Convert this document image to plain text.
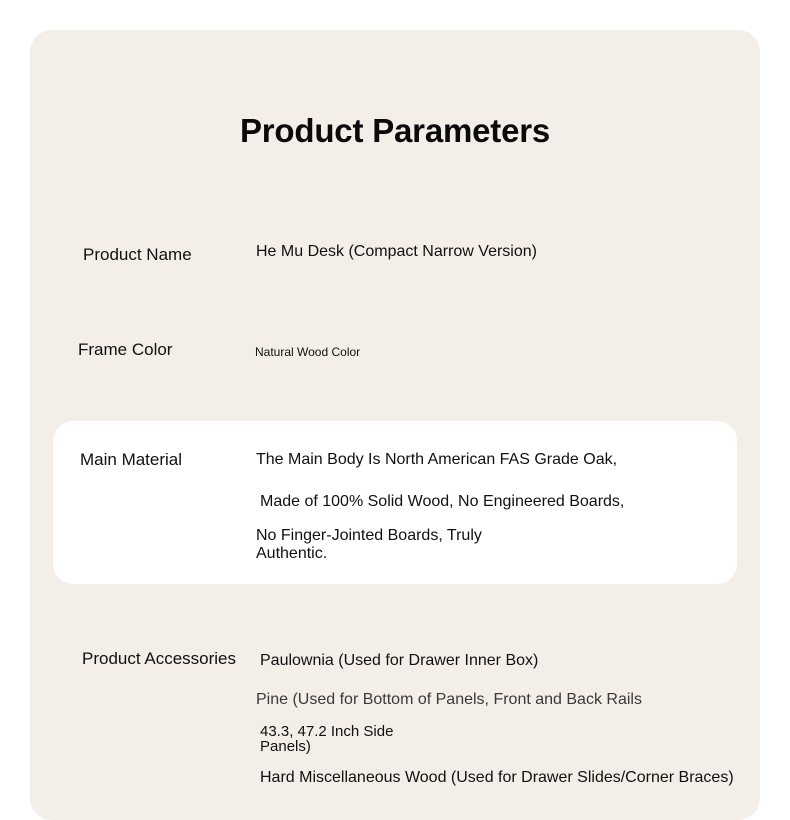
Product Parameters
Product Name	He Mu Desk (Compact Narrow Version)
Frame Color	Natural Wood Color
Main Material	The Main Body Is North American FAS Grade Oak,
Made of 100% Solid Wood, No Engineered Boards,
No Finger-Jointed Boards, Truly
Authentic.
Product Accessories Paulownia (Used for Drawer Inner Box)
Pine (Used for Bottom of Panels, Front and Back Rails
43.3, 47.2 Inch Side
Panels)
Hard Miscellaneous Wood (Used for Drawer Slides/Corner Braces)
